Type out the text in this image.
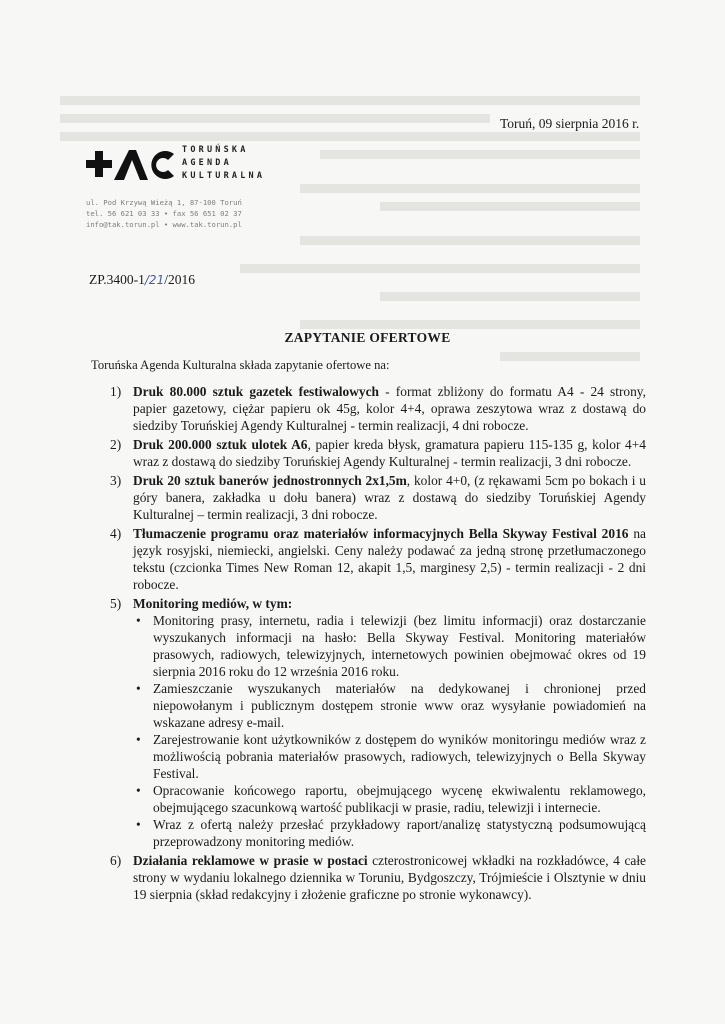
Toruń, 09 sierpnia 2016 r.
TORUŃSKA
AGENDA
KULTURALNA
ul. Pod Krzywą Wieżą 1, 87-100 Toruń
tel. 56 621 03 33 • fax 56 651 02 37
info@tak.torun.pl • www.tak.torun.pl
ZP.3400-1/21/2016
ZAPYTANIE OFERTOWE
Toruńska Agenda Kulturalna składa zapytanie ofertowe na:
1) Druk 80.000 sztuk gazetek festiwalowych - format zbliżony do formatu A4 - 24 strony, papier gazetowy, ciężar papieru ok 45g, kolor 4+4, oprawa zeszytowa wraz z dostawą do siedziby Toruńskiej Agendy Kulturalnej - termin realizacji, 4 dni robocze.
2) Druk 200.000 sztuk ulotek A6, papier kreda błysk, gramatura papieru 115-135 g, kolor 4+4 wraz z dostawą do siedziby Toruńskiej Agendy Kulturalnej - termin realizacji, 3 dni robocze.
3) Druk 20 sztuk banerów jednostronnych 2x1,5m, kolor 4+0, (z rękawami 5cm po bokach i u góry banera, zakładka u dołu banera) wraz z dostawą do siedziby Toruńskiej Agendy Kulturalnej – termin realizacji, 3 dni robocze.
4) Tłumaczenie programu oraz materiałów informacyjnych Bella Skyway Festival 2016 na język rosyjski, niemiecki, angielski. Ceny należy podawać za jedną stronę przetłumaczonego tekstu (czcionka Times New Roman 12, akapit 1,5, marginesy 2,5) - termin realizacji - 2 dni robocze.
5) Monitoring mediów, w tym:
• Monitoring prasy, internetu, radia i telewizji (bez limitu informacji) oraz dostarczanie wyszukanych informacji na hasło: Bella Skyway Festival. Monitoring materiałów prasowych, radiowych, telewizyjnych, internetowych powinien obejmować okres od 19 sierpnia 2016 roku do 12 września 2016 roku.
• Zamieszczanie wyszukanych materiałów na dedykowanej i chronionej przed niepowołanym i publicznym dostępem stronie www oraz wysyłanie powiadomień na wskazane adresy e-mail.
• Zarejestrowanie kont użytkowników z dostępem do wyników monitoringu mediów wraz z możliwością pobrania materiałów prasowych, radiowych, telewizyjnych o Bella Skyway Festival.
• Opracowanie końcowego raportu, obejmującego wycenę ekwiwalentu reklamowego, obejmującego szacunkową wartość publikacji w prasie, radiu, telewizji i internecie.
• Wraz z ofertą należy przesłać przykładowy raport/analizę statystyczną podsumowującą przeprowadzony monitoring mediów.
6) Działania reklamowe w prasie w postaci czterostronicowej wkładki na rozkładówce, 4 całe strony w wydaniu lokalnego dziennika w Toruniu, Bydgoszczy, Trójmieście i Olsztynie w dniu 19 sierpnia (skład redakcyjny i złożenie graficzne po stronie wykonawcy).
